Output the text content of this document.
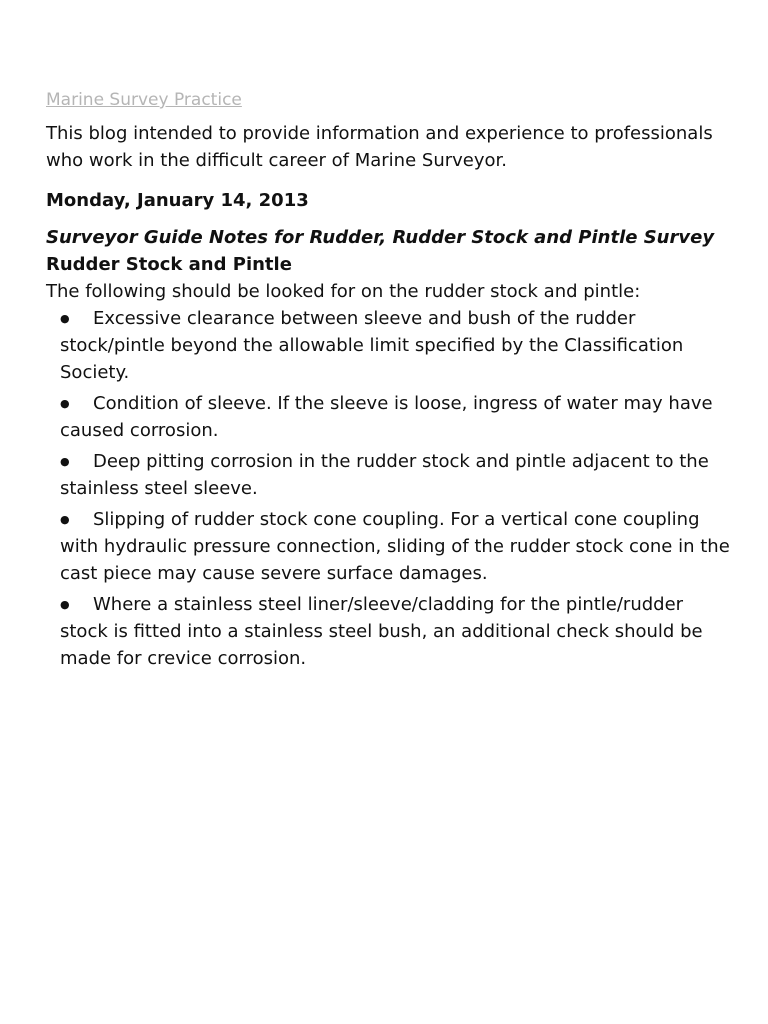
Marine Survey Practice

This blog intended to provide information and experience to professionals who work in the difficult career of Marine Surveyor.

Monday, January 14, 2013
Surveyor Guide Notes for Rudder, Rudder Stock and Pintle Survey
Rudder Stock and Pintle
The following should be looked for on the rudder stock and pintle:
● Excessive clearance between sleeve and bush of the rudder stock/pintle beyond the allowable limit specified by the Classification Society.
● Condition of sleeve. If the sleeve is loose, ingress of water may have caused corrosion.
● Deep pitting corrosion in the rudder stock and pintle adjacent to the stainless steel sleeve.
● Slipping of rudder stock cone coupling. For a vertical cone coupling with hydraulic pressure connection, sliding of the rudder stock cone in the cast piece may cause severe surface damages.
● Where a stainless steel liner/sleeve/cladding for the pintle/rudder stock is fitted into a stainless steel bush, an additional check should be made for crevice corrosion.
